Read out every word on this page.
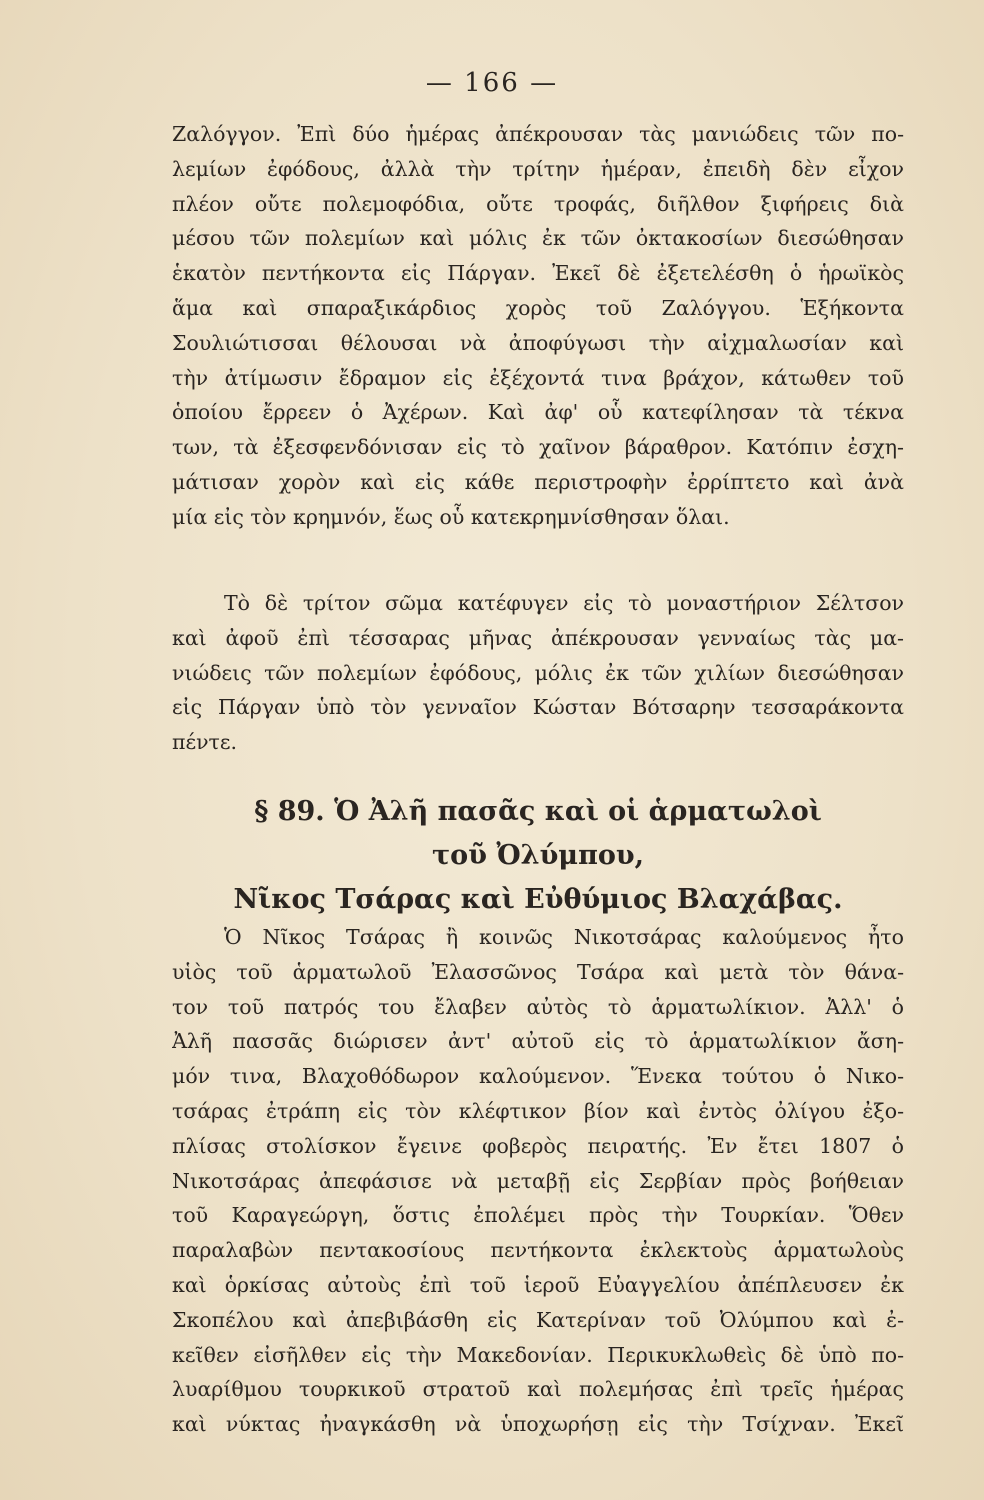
— 166 —
Ζαλόγγον. Ἐπὶ δύο ἡμέρας ἀπέκρουσαν τὰς μανιώδεις τῶν πο-
λεμίων ἐφόδους, ἀλλὰ τὴν τρίτην ἡμέραν, ἐπειδὴ δὲν εἶχον
πλέον οὔτε πολεμοφόδια, οὔτε τροφάς, διῆλθον ξιφήρεις διὰ
μέσου τῶν πολεμίων καὶ μόλις ἐκ τῶν ὀκτακοσίων διεσώθησαν
ἑκατὸν πεντήκοντα εἰς Πάργαν. Ἐκεῖ δὲ ἐξετελέσθη ὁ ἡρωϊκὸς
ἅμα καὶ σπαραξικάρδιος χορὸς τοῦ Ζαλόγγου. Ἑξήκοντα
Σουλιώτισσαι θέλουσαι νὰ ἀποφύγωσι τὴν αἰχμαλωσίαν καὶ
τὴν ἀτίμωσιν ἔδραμον εἰς ἐξέχοντά τινα βράχον, κάτωθεν τοῦ
ὁποίου ἔρρεεν ὁ Ἀχέρων. Καὶ ἀφ' οὗ κατεφίλησαν τὰ τέκνα
των, τὰ ἐξεσφενδόνισαν εἰς τὸ χαῖνον βάραθρον. Κατόπιν ἐσχη-
μάτισαν χορὸν καὶ εἰς κάθε περιστροφὴν ἐρρίπτετο καὶ ἀνὰ
μία εἰς τὸν κρημνόν, ἕως οὗ κατεκρημνίσθησαν ὅλαι.
Τὸ δὲ τρίτον σῶμα κατέφυγεν εἰς τὸ μοναστήριον Σέλτσον
καὶ ἀφοῦ ἐπὶ τέσσαρας μῆνας ἀπέκρουσαν γενναίως τὰς μα-
νιώδεις τῶν πολεμίων ἐφόδους, μόλις ἐκ τῶν χιλίων διεσώθησαν
εἰς Πάργαν ὑπὸ τὸν γενναῖον Κώσταν Βότσαρην τεσσαράκοντα
πέντε.
§ 89. Ὁ Ἀλῆ πασᾶς καὶ οἱ ἁρματωλοὶ
τοῦ Ὀλύμπου,
Νῖκος Τσάρας καὶ Εὐθύμιος Βλαχάβας.
Ὁ Νῖκος Τσάρας ἢ κοινῶς Νικοτσάρας καλούμενος ἦτο
υἱὸς τοῦ ἁρματωλοῦ Ἐλασσῶνος Τσάρα καὶ μετὰ τὸν θάνα-
τον τοῦ πατρός του ἔλαβεν αὐτὸς τὸ ἁρματωλίκιον. Ἀλλ' ὁ
Ἀλῆ πασσᾶς διώρισεν ἀντ' αὐτοῦ εἰς τὸ ἁρματωλίκιον ἄση-
μόν τινα, Βλαχοθόδωρον καλούμενον. Ἕνεκα τούτου ὁ Νικο-
τσάρας ἐτράπη εἰς τὸν κλέφτικον βίον καὶ ἐντὸς ὀλίγου ἐξο-
πλίσας στολίσκον ἔγεινε φοβερὸς πειρατής. Ἐν ἔτει 1807 ὁ
Νικοτσάρας ἀπεφάσισε νὰ μεταβῇ εἰς Σερβίαν πρὸς βοήθειαν
τοῦ Καραγεώργη, ὅστις ἐπολέμει πρὸς τὴν Τουρκίαν. Ὅθεν
παραλαβὼν πεντακοσίους πεντήκοντα ἐκλεκτοὺς ἁρματωλοὺς
καὶ ὁρκίσας αὐτοὺς ἐπὶ τοῦ ἱεροῦ Εὐαγγελίου ἀπέπλευσεν ἐκ
Σκοπέλου καὶ ἀπεβιβάσθη εἰς Κατερίναν τοῦ Ὀλύμπου καὶ ἐ-
κεῖθεν εἰσῆλθεν εἰς τὴν Μακεδονίαν. Περικυκλωθεὶς δὲ ὑπὸ πο-
λυαρίθμου τουρκικοῦ στρατοῦ καὶ πολεμήσας ἐπὶ τρεῖς ἡμέρας
καὶ νύκτας ἠναγκάσθη νὰ ὑποχωρήσῃ εἰς τὴν Τσίχναν. Ἐκεῖ
